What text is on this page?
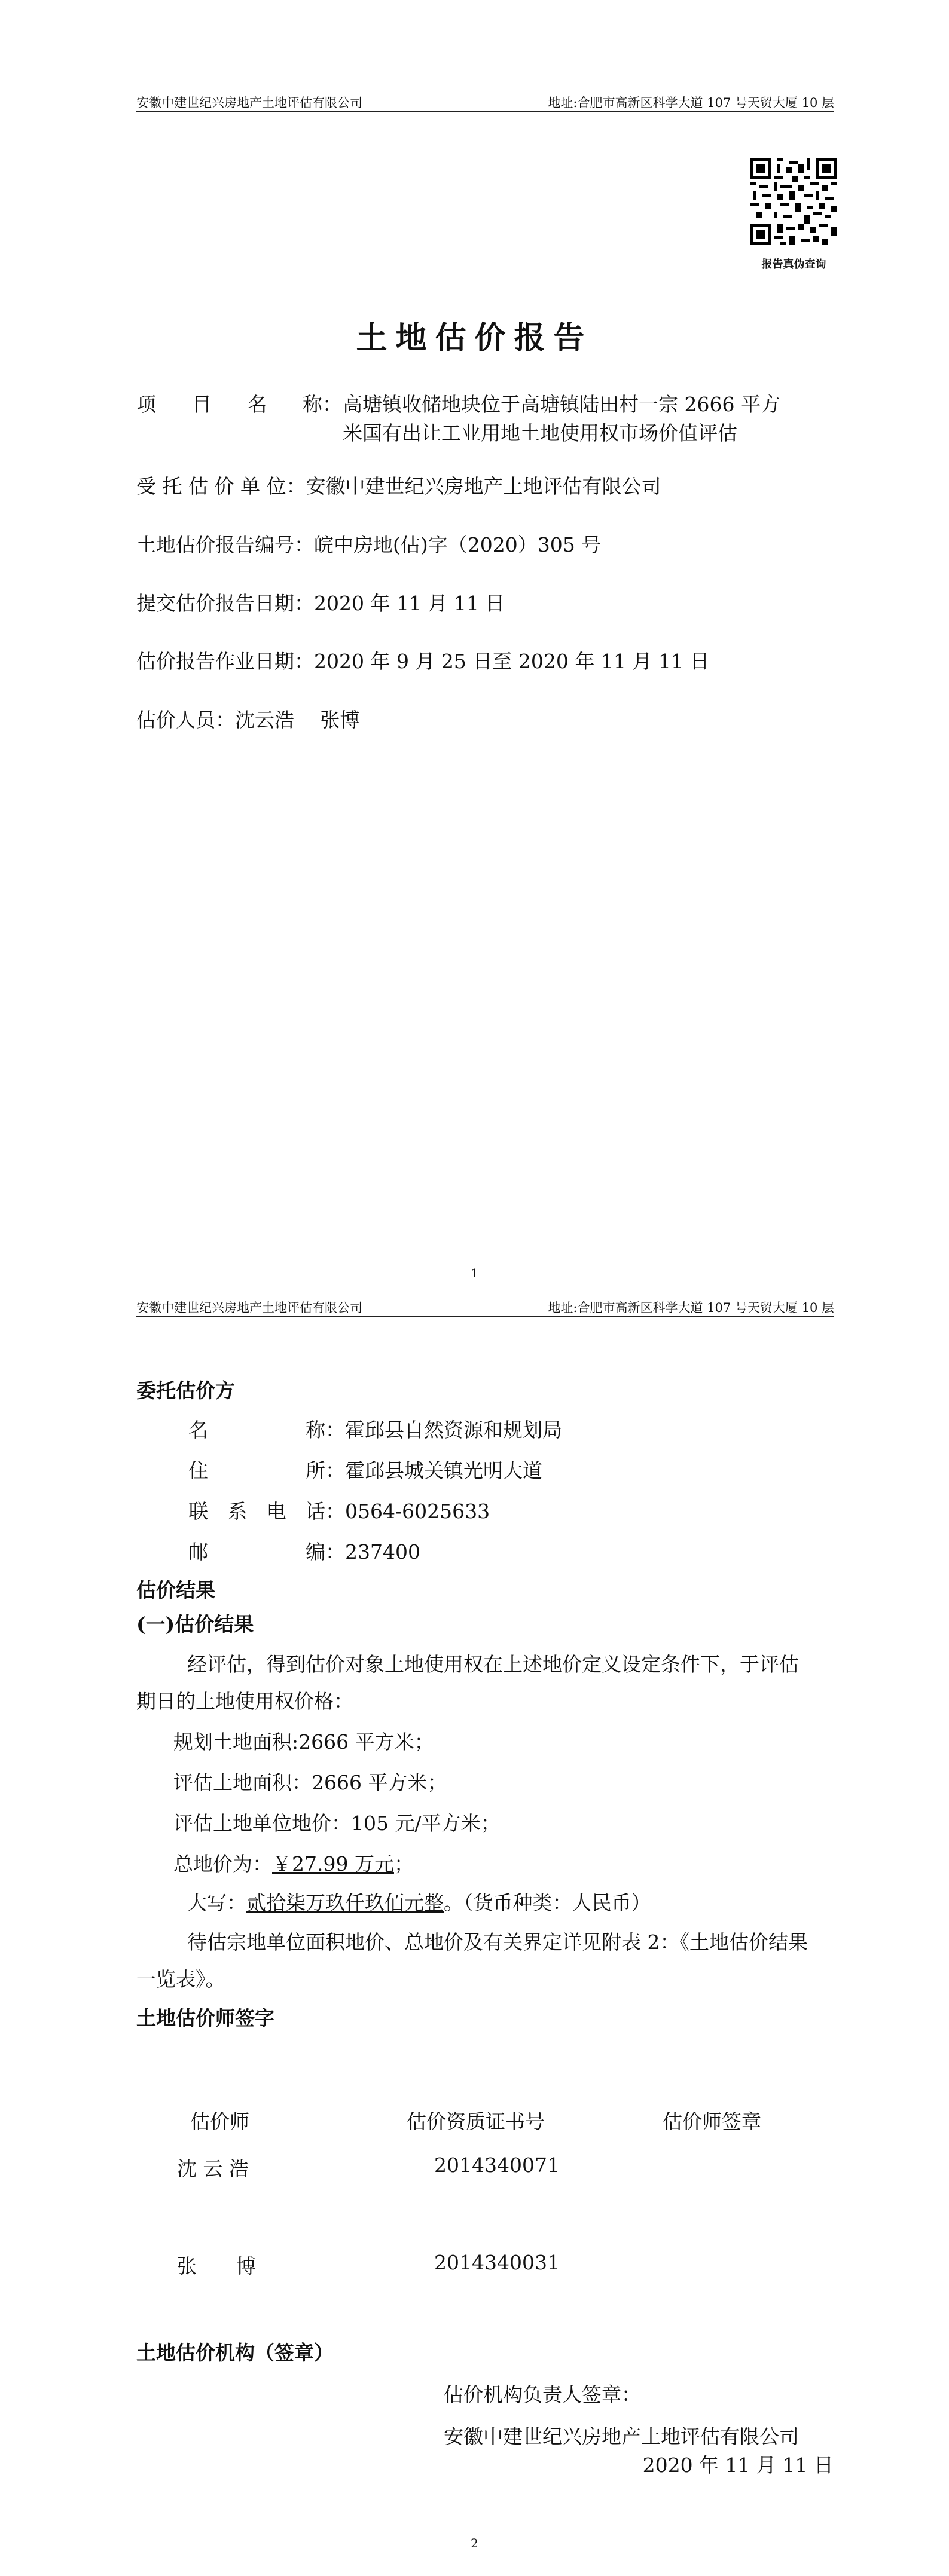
安徽中建世纪兴房地产土地评估有限公司	地址:合肥市高新区科学大道 107 号天贸大厦 10 层
报告真伪查询
土地估价报告
项 目 名 称： 高塘镇收储地块位于高塘镇陆田村一宗 2666 平方
米国有出让工业用地土地使用权市场价值评估
受 托 估 价 单 位：安徽中建世纪兴房地产土地评估有限公司
土地估价报告编号：皖中房地(估)字（2020）305 号
提交估价报告日期：2020 年 11 月 11 日
估价报告作业日期：2020 年 9 月 25 日至 2020 年 11 月 11 日
估价人员：沈云浩　 张博
1
安徽中建世纪兴房地产土地评估有限公司	地址:合肥市高新区科学大道 107 号天贸大厦 10 层
委托估价方
名	称： 霍邱县自然资源和规划局
住	所： 霍邱县城关镇光明大道
联 系 电 话： 0564-6025633
邮	编： 237400
估价结果
(一)估价结果
经评估，得到估价对象土地使用权在上述地价定义设定条件下，于评估
期日的土地使用权价格：
规划土地面积:2666 平方米；
评估土地面积：2666 平方米；
评估土地单位地价：105 元/平方米；
总地价为：￥27.99 万元；
大写：贰拾柒万玖仟玖佰元整。（货币种类：人民币）
待估宗地单位面积地价、总地价及有关界定详见附表 2：《土地估价结果
一览表》。
土地估价师签字
估价师	估价资质证书号	估价师签章
沈 云 浩	2014340071
张　　博	2014340031
土地估价机构（签章）
估价机构负责人签章：
安徽中建世纪兴房地产土地评估有限公司
2020 年 11 月 11 日
2
